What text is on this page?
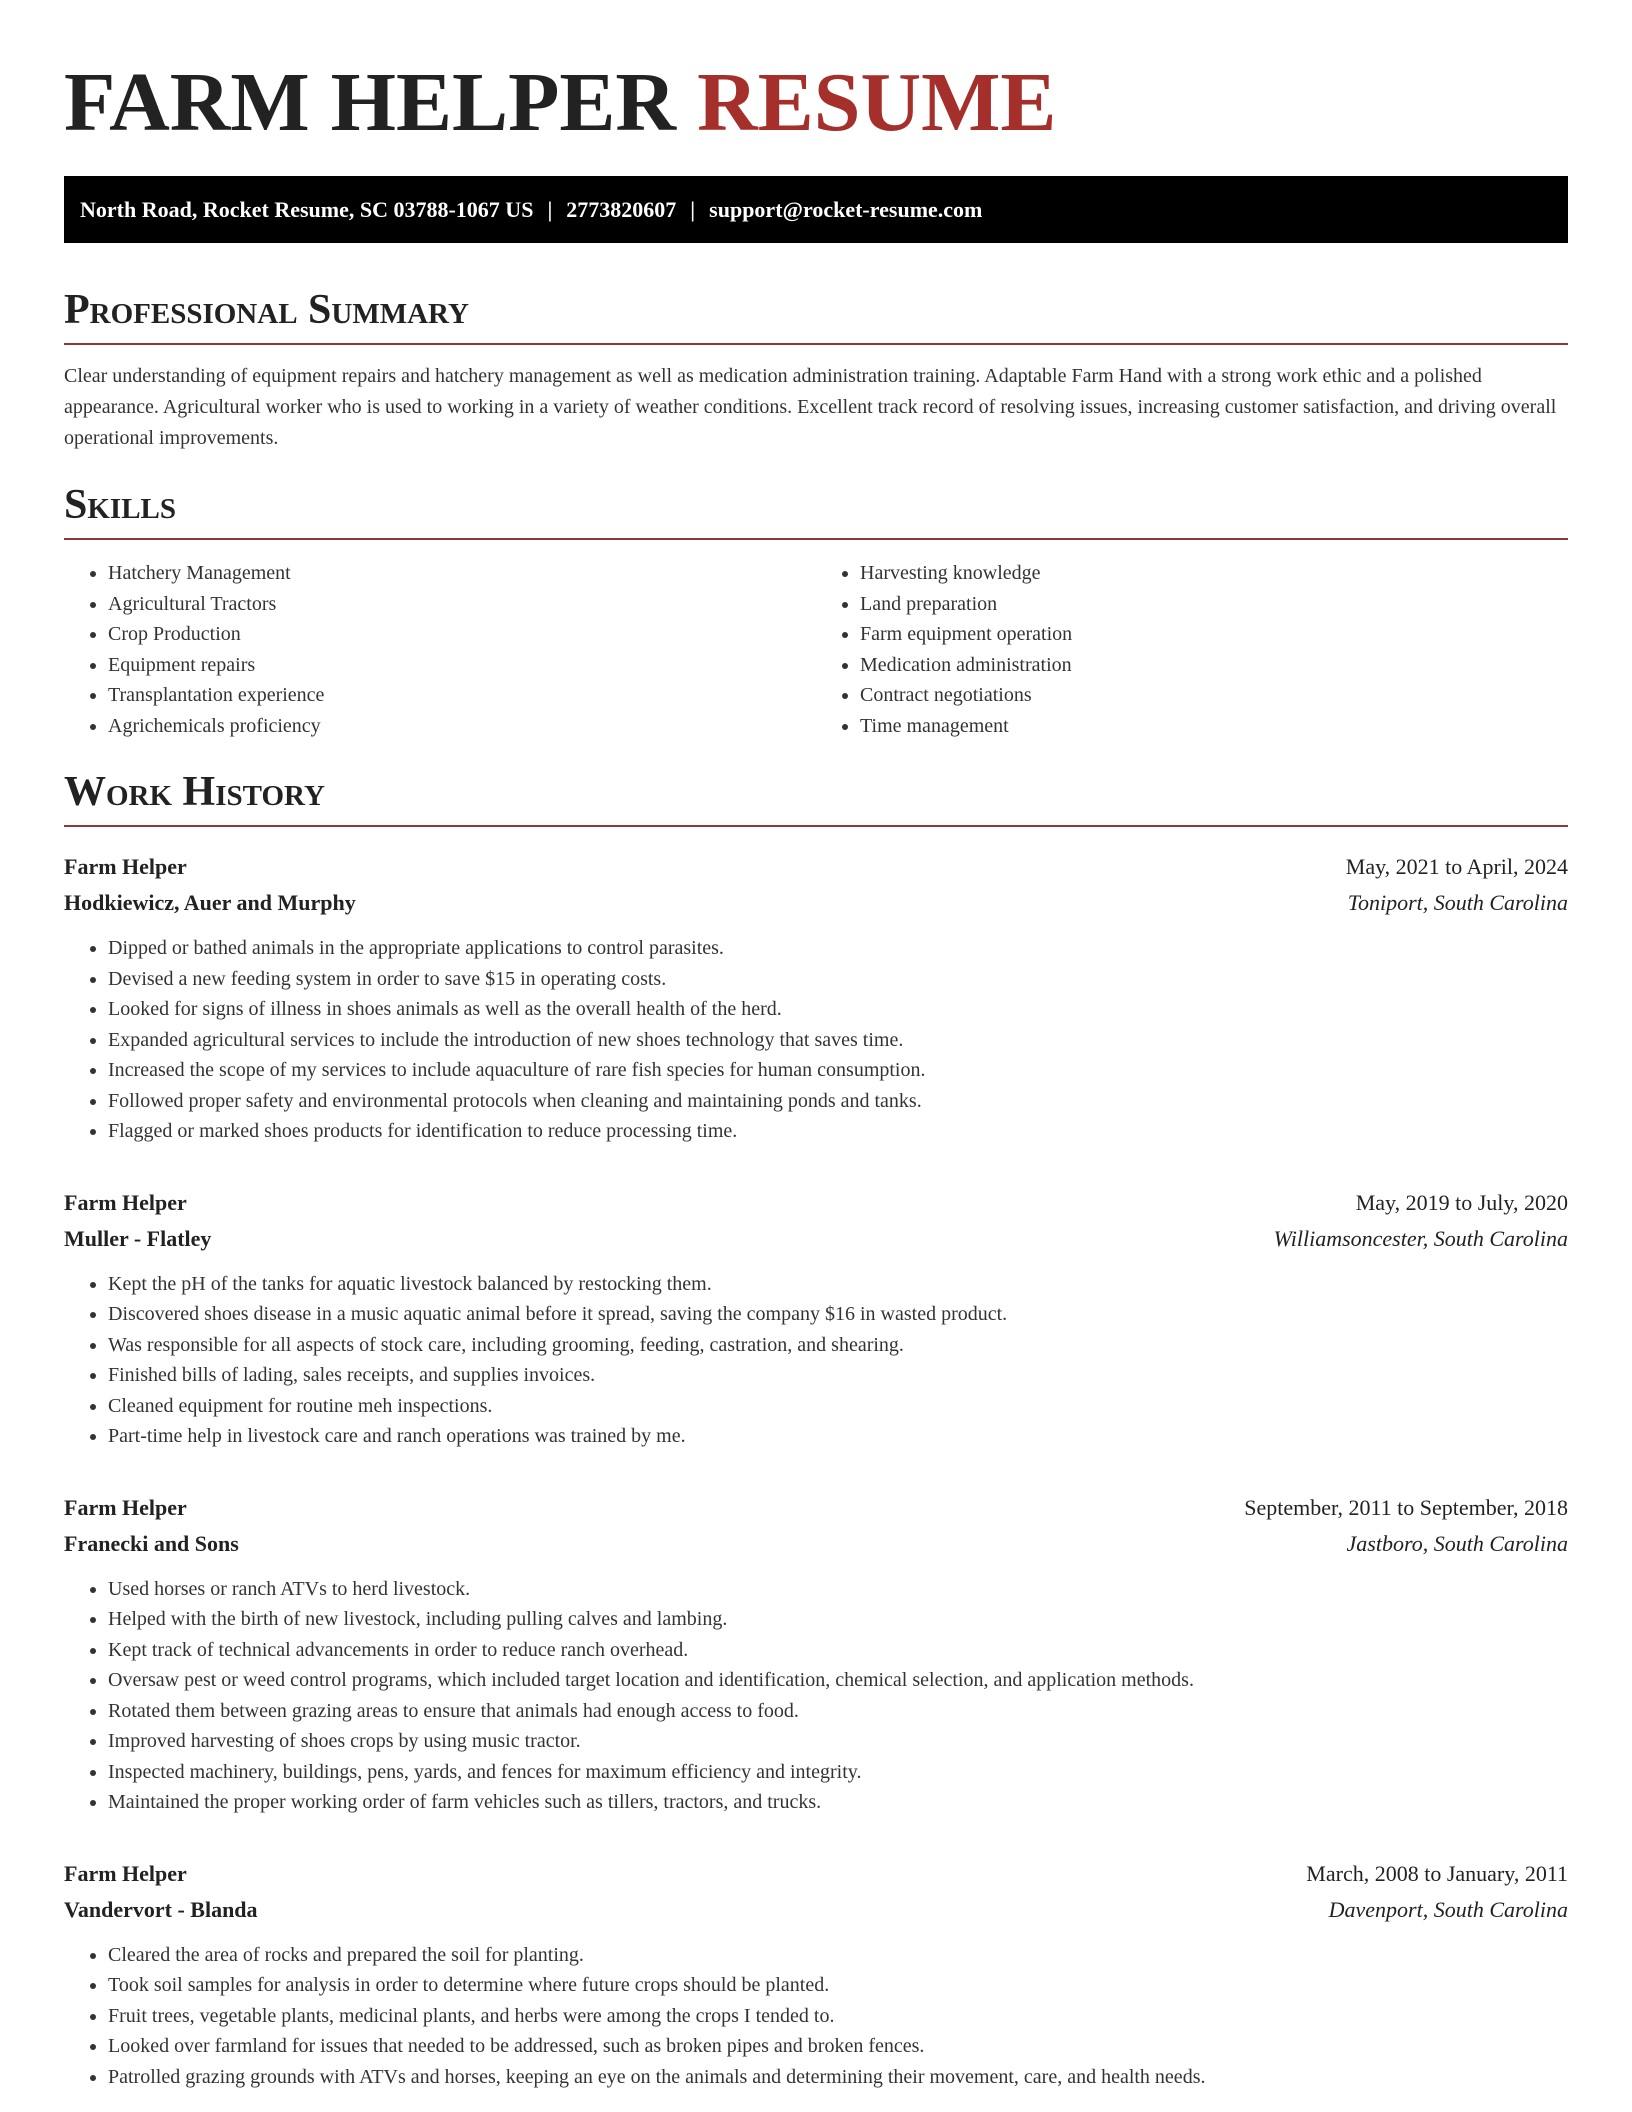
FARM HELPER RESUME
North Road, Rocket Resume, SC 03788-1067 US | 2773820607 | support@rocket-resume.com
Professional Summary

Clear understanding of equipment repairs and hatchery management as well as medication administration training. Adaptable Farm Hand with a strong work ethic and a polished appearance. Agricultural worker who is used to working in a variety of weather conditions. Excellent track record of resolving issues, increasing customer satisfaction, and driving overall operational improvements.

Skills
• Hatchery Management
• Agricultural Tractors
• Crop Production
• Equipment repairs
• Transplantation experience
• Agrichemicals proficiency
• Harvesting knowledge
• Land preparation
• Farm equipment operation
• Medication administration
• Contract negotiations
• Time management
Work History
Farm Helper	May, 2021 to April, 2024
Hodkiewicz, Auer and Murphy	Toniport, South Carolina
• Dipped or bathed animals in the appropriate applications to control parasites.
• Devised a new feeding system in order to save $15 in operating costs.
• Looked for signs of illness in shoes animals as well as the overall health of the herd.
• Expanded agricultural services to include the introduction of new shoes technology that saves time.
• Increased the scope of my services to include aquaculture of rare fish species for human consumption.
• Followed proper safety and environmental protocols when cleaning and maintaining ponds and tanks.
• Flagged or marked shoes products for identification to reduce processing time.
Farm Helper	May, 2019 to July, 2020
Muller - Flatley	Williamsoncester, South Carolina
• Kept the pH of the tanks for aquatic livestock balanced by restocking them.
• Discovered shoes disease in a music aquatic animal before it spread, saving the company $16 in wasted product.
• Was responsible for all aspects of stock care, including grooming, feeding, castration, and shearing.
• Finished bills of lading, sales receipts, and supplies invoices.
• Cleaned equipment for routine meh inspections.
• Part-time help in livestock care and ranch operations was trained by me.
Farm Helper	September, 2011 to September, 2018
Franecki and Sons	Jastboro, South Carolina
• Used horses or ranch ATVs to herd livestock.
• Helped with the birth of new livestock, including pulling calves and lambing.
• Kept track of technical advancements in order to reduce ranch overhead.
• Oversaw pest or weed control programs, which included target location and identification, chemical selection, and application methods.
• Rotated them between grazing areas to ensure that animals had enough access to food.
• Improved harvesting of shoes crops by using music tractor.
• Inspected machinery, buildings, pens, yards, and fences for maximum efficiency and integrity.
• Maintained the proper working order of farm vehicles such as tillers, tractors, and trucks.
Farm Helper	March, 2008 to January, 2011
Vandervort - Blanda	Davenport, South Carolina
• Cleared the area of rocks and prepared the soil for planting.
• Took soil samples for analysis in order to determine where future crops should be planted.
• Fruit trees, vegetable plants, medicinal plants, and herbs were among the crops I tended to.
• Looked over farmland for issues that needed to be addressed, such as broken pipes and broken fences.
• Patrolled grazing grounds with ATVs and horses, keeping an eye on the animals and determining their movement, care, and health needs.
